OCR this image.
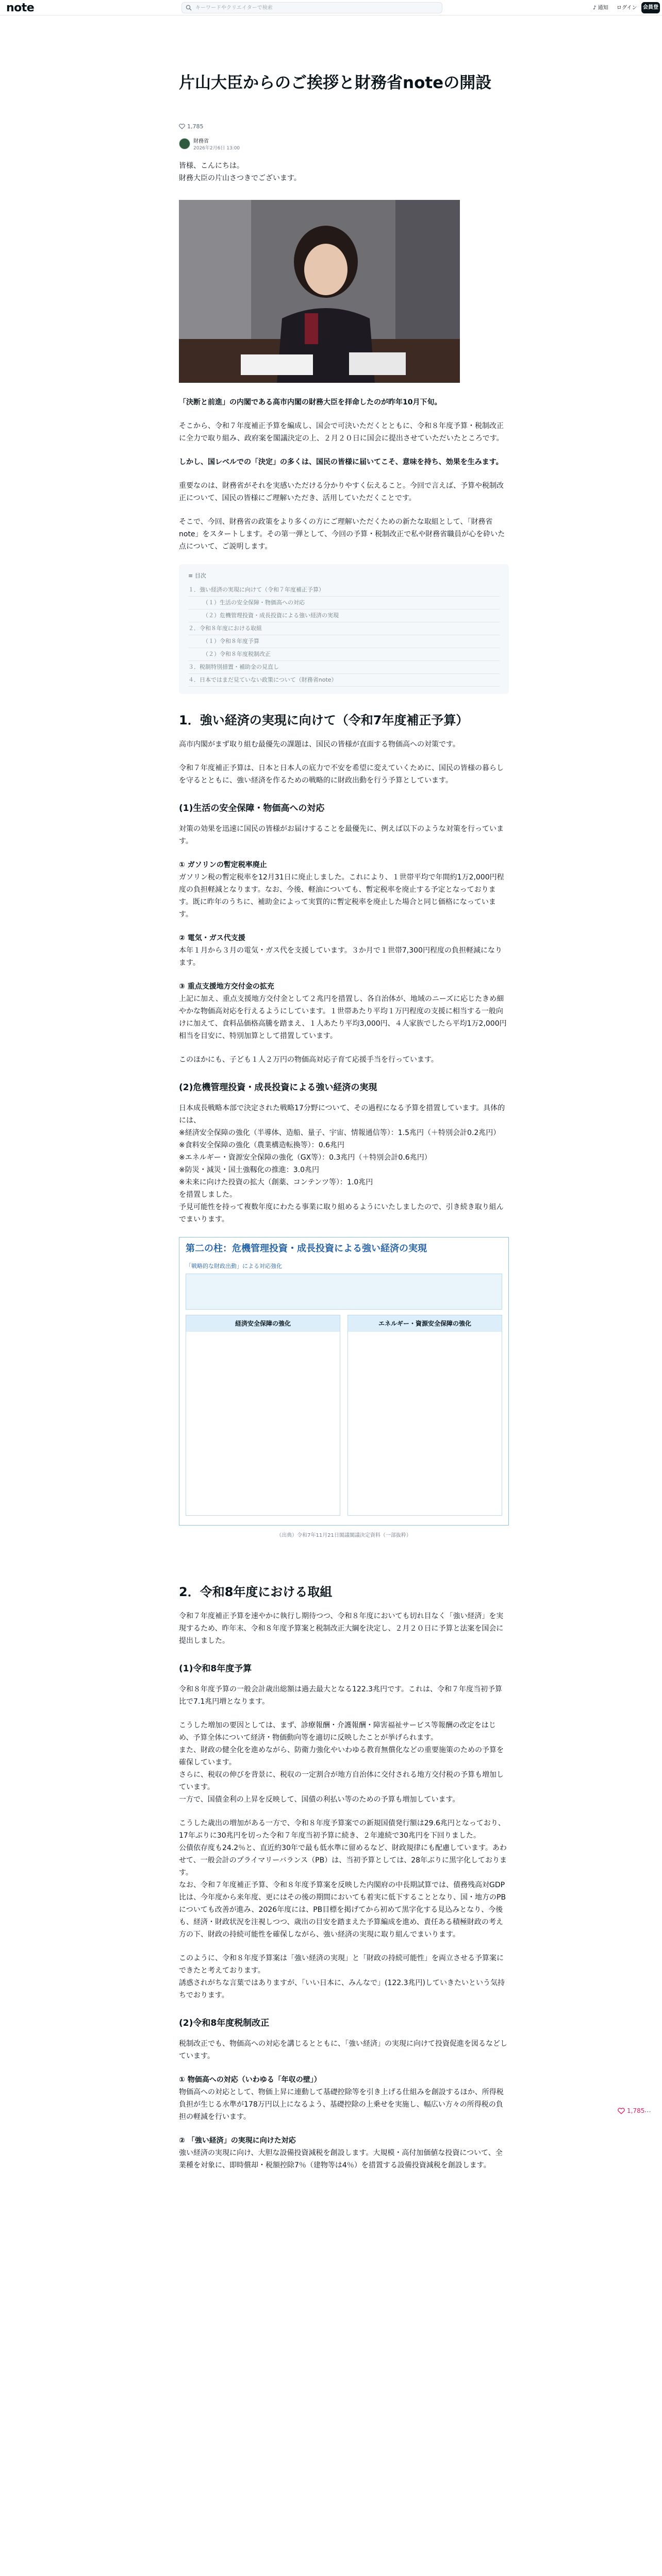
note
キーワードやクリエイターで検索	♪ 通知 ログイン	会員登録
片山大臣からのご挨拶と財務省noteの開設
1,785
財務省
2026年2月6日 13:00
皆様、こんにちは。
財務大臣の片山さつきでございます。
「決断と前進」の内閣である高市内閣の財務大臣を拝命したのが昨年10月下旬。
そこから、令和７年度補正予算を編成し、国会で可決いただくとともに、令和８年度予算・税制改正に全力で取り組み、政府案を閣議決定の上、２月２０日に国会に提出させていただいたところです。
しかし、国レベルでの「決定」の多くは、国民の皆様に届いてこそ、意味を持ち、効果を生みます。
重要なのは、財務省がそれを実感いただける分かりやすく伝えること。今回で言えば、予算や税制改正について、国民の皆様にご理解いただき、活用していただくことです。
そこで、今回、財務省の政策をより多くの方にご理解いただくための新たな取組として、「財務省note」をスタートします。その第一弾として、今回の予算・税制改正で私や財務省職員が心を砕いた点について、ご説明します。
≡ 目次
１．強い経済の実現に向けて（令和７年度補正予算）
（１）生活の安全保障・物価高への対応
（２）危機管理投資・成長投資による強い経済の実現
２．令和８年度における取組
（１）令和８年度予算
（２）令和８年度税制改正
３．税制特別措置・補助金の見直し
４．日本ではまだ見ていない政策について（財務省note）
1．強い経済の実現に向けて（令和7年度補正予算）
高市内閣がまず取り組む最優先の課題は、国民の皆様が直面する物価高への対策です。
令和７年度補正予算は、日本と日本人の底力で不安を希望に変えていくために、国民の皆様の暮らしを守るとともに、強い経済を作るための戦略的に財政出動を行う予算としています。
(1)生活の安全保障・物価高への対応
対策の効果を迅速に国民の皆様がお届けすることを最優先に、例えば以下のような対策を行っています。
① ガソリンの暫定税率廃止
ガソリン税の暫定税率を12月31日に廃止しました。これにより、１世帯平均で年間約1万2,000円程度の負担軽減となります。なお、今後、軽油についても、暫定税率を廃止する予定となっております。既に昨年のうちに、補助金によって実質的に暫定税率を廃止した場合と同じ価格になっています。
② 電気・ガス代支援
本年１月から３月の電気・ガス代を支援しています。３か月で１世帯7,300円程度の負担軽減になります。
③ 重点支援地方交付金の拡充
上記に加え、重点支援地方交付金として２兆円を措置し、各自治体が、地域のニーズに応じたきめ細やかな物価高対応を行えるようにしています。１世帯あたり平均１万円程度の支援に相当する一般向けに加えて、食料品価格高騰を踏まえ、１人あたり平均3,000円、４人家族でしたら平均1万2,000円相当を目安に、特別加算として措置しています。
このほかにも、子ども１人２万円の物価高対応子育て応援手当を行っています。
(2)危機管理投資・成長投資による強い経済の実現
日本成長戦略本部で決定された戦略17分野について、その過程になる予算を措置しています。具体的には、
※経済安全保障の強化（半導体、造船、量子、宇宙、情報通信等）：1.5兆円（＋特別会計0.2兆円）
※食料安全保障の強化（農業構造転換等）：0.6兆円
※エネルギー・資源安全保障の強化（GX等）：0.3兆円（＋特別会計0.6兆円）
※防災・減災・国土強靱化の推進：3.0兆円
※未来に向けた投資の拡大（創薬、コンテンツ等）：1.0兆円
を措置しました。
予見可能性を持って複数年度にわたる事業に取り組めるようにいたしましたので、引き続き取り組んでまいります。
第二の柱：危機管理投資・成長投資による強い経済の実現
「戦略的な財政出動」による対応強化
経済安全保障の強化	エネルギー・資源安全保障の強化
（出典）令和7年11月21日閣議閣議決定資料（一部抜粋）
2．令和8年度における取組
令和７年度補正予算を速やかに執行し期待つつ、令和８年度においても切れ目なく「強い経済」を実現するため、昨年末、令和８年度予算案と税制改正大綱を決定し、２月２０日に予算と法案を国会に提出しました。
(1)令和8年度予算
令和８年度予算の一般会計歳出総額は過去最大となる122.3兆円です。これは、令和７年度当初予算比で7.1兆円増となります。
こうした増加の要因としては、まず、診療報酬・介護報酬・障害福祉サービス等報酬の改定をはじめ、予算全体について経済・物価動向等を適切に反映したことが挙げられます。
また、財政の健全化を進めながら、防衛力強化やいわゆる教育無償化などの重要施策のための予算を確保しています。
さらに、税収の伸びを背景に、税収の一定割合が地方自治体に交付される地方交付税の予算も増加しています。
一方で、国債金利の上昇を反映して、国債の利払い等のための予算も増加しています。
こうした歳出の増加がある一方で、令和８年度予算案での新規国債発行額は29.6兆円となっており、17年ぶりに30兆円を切った令和７年度当初予算に続き、２年連続で30兆円を下回りました。
公債依存度も24.2％と、直近約30年で最も低水準に留めるなど、財政規律にも配慮しています。あわせて、一般会計のプライマリーバランス（PB）は、当初予算としては、28年ぶりに黒字化しております。
なお、令和７年度補正予算、令和８年度予算案を反映した内閣府の中長期試算では、債務残高対GDP比は、今年度から来年度、更にはその後の期間においても着実に低下することとなり、国・地方のPBについても改善が進み、2026年度には、PB目標を掲げてから初めて黒字化する見込みとなり、今後も、経済・財政状況を注視しつつ、歳出の目安を踏まえた予算編成を進め、責任ある積極財政の考え方の下、財政の持続可能性を確保しながら、強い経済の実現に取り組んでまいります。
このように、令和８年度予算案は「強い経済の実現」と「財政の持続可能性」を両立させる予算案にできたと考えております。
誘惑されがちな言葉ではありますが、「いい日本に、みんなで」(122.3兆円)していきたいという気持ちでおります。
(2)令和8年度税制改正
税制改正でも、物価高への対応を講じるとともに、「強い経済」の実現に向けて投資促進を図るなどしています。
① 物価高への対応（いわゆる「年収の壁」）
物価高への対応として、物価上昇に連動して基礎控除等を引き上げる仕組みを創設するほか、所得税負担が生じる水準が178万円以上になるよう、基礎控除の上乗せを実施し、幅広い方々の所得税の負担の軽減を行います。
② 「強い経済」の実現に向けた対応
強い経済の実現に向け、大胆な設備投資減税を創設します。大規模・高付加価値な投資について、全業種を対象に、即時償却・税額控除7％（建物等は4％）を措置する設備投資減税を創設します。
1,785 ⋯
